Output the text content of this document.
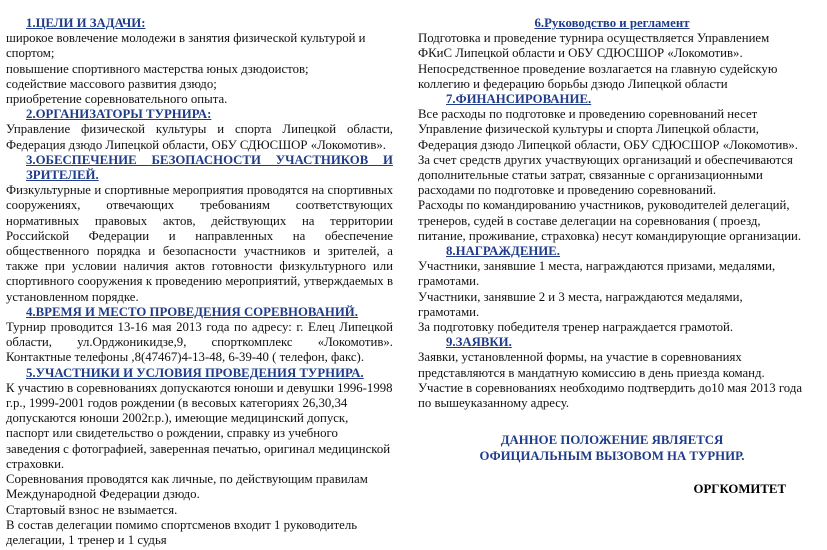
1.ЦЕЛИ И ЗАДАЧИ:

широкое вовлечение молодежи в занятия физической культурой и спортом;

повышение спортивного мастерства юных дзюдоистов;

содействие массового развития дзюдо;

приобретение соревновательного опыта.

2.ОРГАНИЗАТОРЫ ТУРНИРА:

Управление физической культуры и спорта Липецкой области, Федерация дзюдо Липецкой области, ОБУ СДЮСШОР «Локомотив».

3.ОБЕСПЕЧЕНИЕ БЕЗОПАСНОСТИ УЧАСТНИКОВ И ЗРИТЕЛЕЙ.

Физкультурные и спортивные мероприятия проводятся на спортивных сооружениях, отвечающих требованиям соответствующих нормативных правовых актов, действующих на территории Российской Федерации и направленных на обеспечение общественного порядка и безопасности участников и зрителей, а также при условии наличия актов готовности физкультурного или спортивного сооружения к проведению мероприятий, утверждаемых в установленном порядке.

4.ВРЕМЯ И МЕСТО ПРОВЕДЕНИЯ СОРЕВНОВАНИЙ.

Турнир проводится 13-16 мая 2013 года по адресу: г. Елец Липецкой области, ул.Орджоникидзе,9, спорткомплекс «Локомотив». Контактные телефоны ,8(47467)4-13-48, 6-39-40 ( телефон, факс).

5.УЧАСТНИКИ И УСЛОВИЯ ПРОВЕДЕНИЯ ТУРНИРА.

К участию в соревнованиях допускаются юноши и девушки 1996-1998 г.р., 1999-2001 годов рождении (в весовых категориях 26,30,34 допускаются юноши 2002г.р.), имеющие медицинский допуск, паспорт или свидетельство о рождении, справку из учебного заведения с фотографией, заверенная печатью, оригинал медицинской страховки.

Соревнования проводятся как личные, по действующим правилам Международной Федерации дзюдо.

Стартовый взнос не взымается.

В состав делегации помимо спортсменов входит 1 руководитель делегации, 1 тренер и 1 судья

6.Руководство и регламент

Подготовка и проведение турнира осуществляется Управлением ФКиС Липецкой области и ОБУ СДЮСШОР «Локомотив». Непосредственное проведение возлагается на главную судейскую коллегию и федерацию борьбы дзюдо Липецкой области

7.ФИНАНСИРОВАНИЕ.

Все расходы по подготовке и проведению соревнований несет Управление физической культуры и спорта Липецкой области, Федерация дзюдо Липецкой области, ОБУ СДЮСШОР «Локомотив».

За счет средств других участвующих организаций и обеспечиваются дополнительные статьи затрат, связанные с организационными расходами по подготовке и проведению соревнований.

Расходы по командированию участников, руководителей делегаций, тренеров, судей в составе делегации на соревнования ( проезд, питание, проживание, страховка) несут командирующие организации.

8.НАГРАЖДЕНИЕ.

Участники, занявшие 1 места, награждаются призами, медалями, грамотами.

Участники, занявшие 2 и 3 места, награждаются медалями, грамотами.

За подготовку победителя тренер награждается грамотой.

9.ЗАЯВКИ.

Заявки, установленной формы, на участие в соревнованиях представляются в мандатную комиссию в день приезда команд. Участие в соревнованиях необходимо подтвердить до10 мая 2013 года по вышеуказанному адресу.

ДАННОЕ ПОЛОЖЕНИЕ ЯВЛЯЕТСЯ

ОФИЦИАЛЬНЫМ ВЫЗОВОМ НА ТУРНИР.

ОРГКОМИТЕТ
